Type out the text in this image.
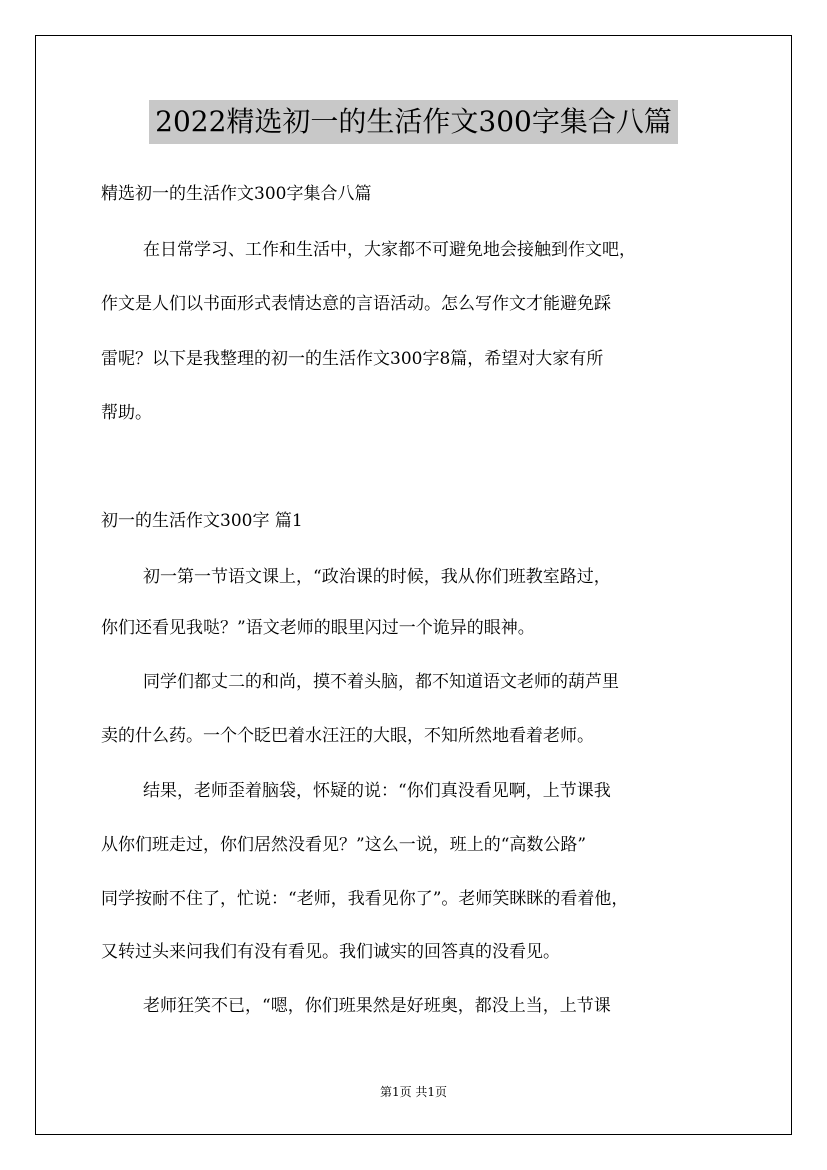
2022精选初一的生活作文300字集合八篇
精选初一的生活作文300字集合八篇
在日常学习、工作和生活中，大家都不可避免地会接触到作文吧，
作文是人们以书面形式表情达意的言语活动。怎么写作文才能避免踩
雷呢？以下是我整理的初一的生活作文300字8篇，希望对大家有所
帮助。
初一的生活作文300字 篇1
初一第一节语文课上，“政治课的时候，我从你们班教室路过，
你们还看见我哒？”语文老师的眼里闪过一个诡异的眼神。
同学们都丈二的和尚，摸不着头脑，都不知道语文老师的葫芦里
卖的什么药。一个个眨巴着水汪汪的大眼，不知所然地看着老师。
结果，老师歪着脑袋，怀疑的说：“你们真没看见啊，上节课我
从你们班走过，你们居然没看见？”这么一说，班上的“高数公路”
同学按耐不住了，忙说：“老师，我看见你了”。老师笑眯眯的看着他，
又转过头来问我们有没有看见。我们诚实的回答真的没看见。
老师狂笑不已，“嗯，你们班果然是好班奥，都没上当，上节课
第1页 共1页
